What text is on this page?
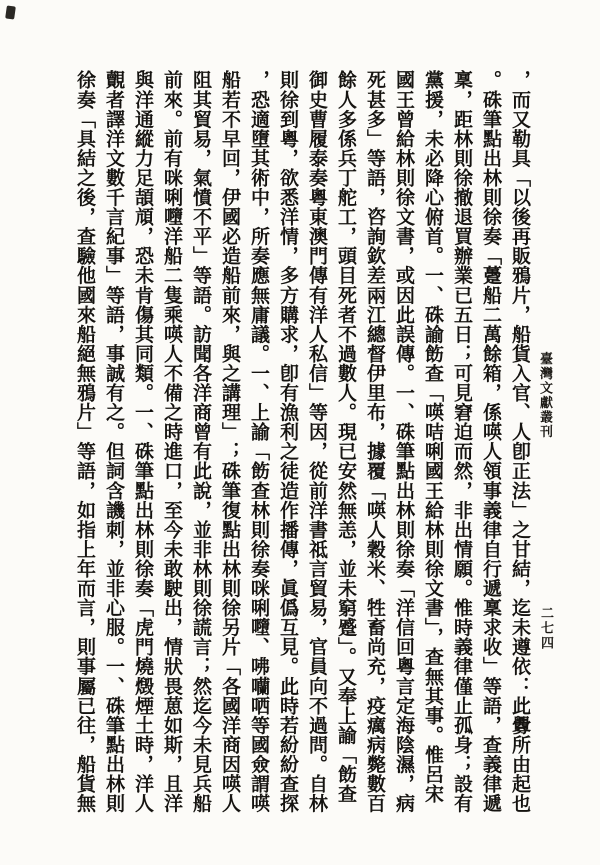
臺灣文獻叢刊
二七四
，而又勒具「以後再販鴉片，船貨入官、人卽正法」之甘結，迄未遵依：此釁所由起也
。硃筆點出林則徐奏「躉船二萬餘箱，係𠸄人領事義律自行遞稟求收」等語，查義律遞
稟，距林則徐撤退買辦業已五日；可見窘迫而然，非出情願。惟時義律僅止孤身；設有
黨援，未必降心俯首。一、硃諭飭查「𠸄咭唎國王給林則徐文書」，查無其事。惟呂宋
國王曾給林則徐文書，或因此誤傳。一、硃筆點出林則徐奏「洋信回粵言定海陰濕，病
死甚多」等語，咨詢欽差兩江總督伊里布，據覆「𠸄人穀米、牲畜尚充，疫癘病斃數百
餘人多係兵丁舵工，頭目死者不過數人。現已安然無恙，並未窮蹙」。又奉上諭「飭查
御史曹履泰奏粵東澳門傳有洋人私信」等因，從前洋書祗言貿易，官員向不過問。自林
則徐到粵，欲悉洋情，多方購求，卽有漁利之徒造作播傳，眞僞互見。此時若紛紛查探
，恐適墮其術中，所奏應無庸議。一、上諭「飭查林則徐奏咪唎𡃏、咈囒哂等國僉謂𠸄
船若不早回，伊國必造船前來，與之講理」；硃筆復點出林則徐另片「各國洋商因𠸄人
阻其貿易，氣憤不平」等語。訪聞各洋商曾有此說，並非林則徐謊言；然迄今未見兵船
前來。前有咪唎𡃏洋船二隻乘𠸄人不備之時進口，至今未敢駛出，情狀畏葸如斯，且洋
與洋通縱力足頡頏，恐未肯傷其同類。一、硃筆點出林則徐奏「虎門燒燬煙土時，洋人
覿者譯洋文數千言紀事」等語，事誠有之。但詞含譏刺，並非心服。一、硃筆點出林則
徐奏「具結之後，查驗他國來船絕無鴉片」等語，如指上年而言，則事屬已往，船貨無
